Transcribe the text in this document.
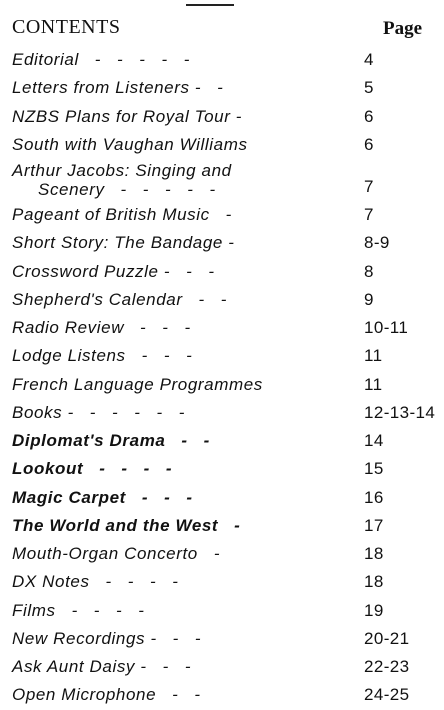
CONTENTS	Page
Editorial   -   -   -   -   -	4
Letters from Listeners -   -	5
NZBS Plans for Royal Tour -	6
South with Vaughan Williams	6
Arthur Jacobs: Singing and
Scenery   -   -   -   -   -	7
Pageant of British Music   -	7
Short Story: The Bandage -	8-9
Crossword Puzzle -   -   -	8
Shepherd's Calendar   -   -	9
Radio Review   -   -   -	10-11
Lodge Listens   -   -   -	11
French Language Programmes	11
Books -   -   -   -   -   -	12-13-14
Diplomat's Drama   -   -	14
Lookout   -   -   -   -	15
Magic Carpet   -   -   -	16
The World and the West   -	17
Mouth-Organ Concerto   -	18
DX Notes   -   -   -   -	18
Films   -   -   -   -	19
New Recordings -   -   -	20-21
Ask Aunt Daisy -   -   -	22-23
Open Microphone   -   -	24-25
